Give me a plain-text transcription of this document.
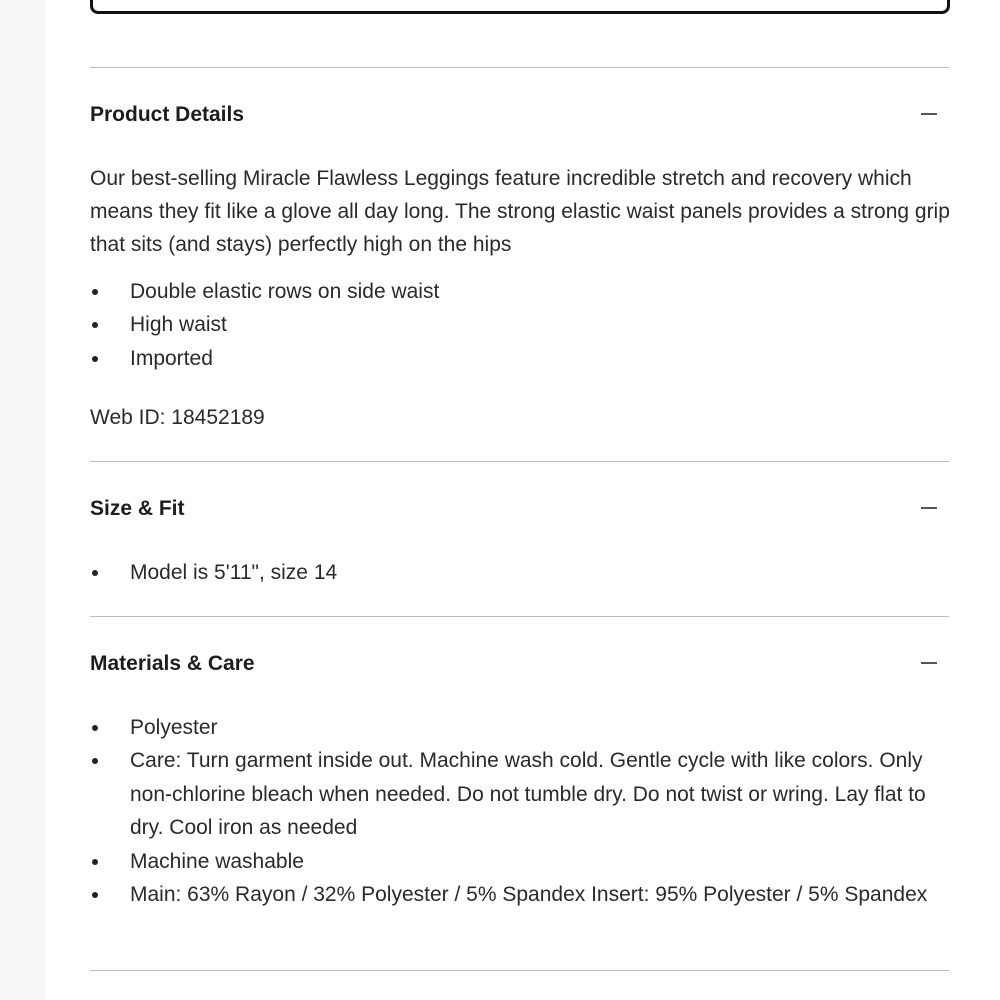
Product Details

Our best-selling Miracle Flawless Leggings feature incredible stretch and recovery which means they fit like a glove all day long. The strong elastic waist panels provides a strong grip that sits (and stays) perfectly high on the hips

Double elastic rows on side waist
High waist
Imported
Web ID: 18452189
Size & Fit
Model is 5'11", size 14
Materials & Care
Polyester
Care: Turn garment inside out. Machine wash cold. Gentle cycle with like colors. Only non-chlorine bleach when needed. Do not tumble dry. Do not twist or wring. Lay flat to dry. Cool iron as needed
Machine washable
Main: 63% Rayon / 32% Polyester / 5% Spandex Insert: 95% Polyester / 5% Spandex
